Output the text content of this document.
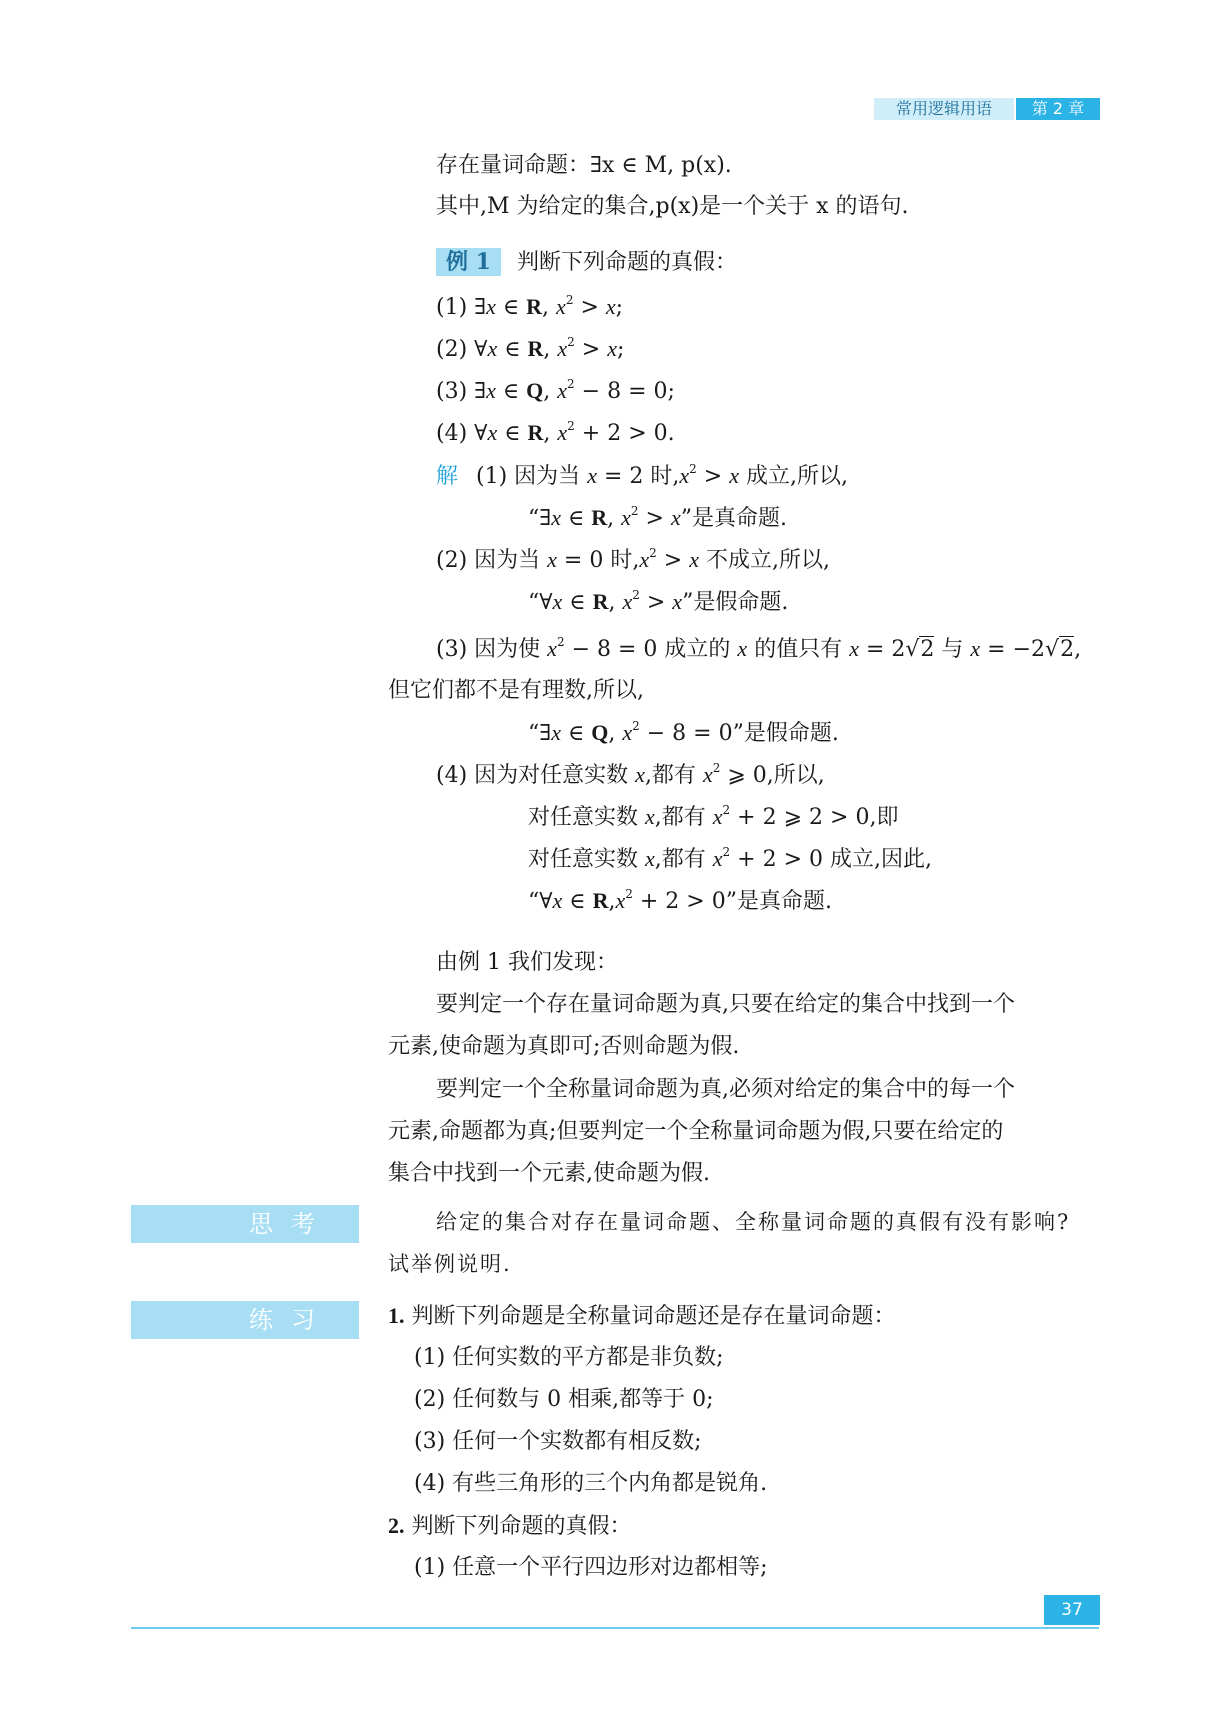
常用逻辑用语	第 2 章
存在量词命题：∃x ∈ M, p(x).
其中,M 为给定的集合,p(x)是一个关于 x 的语句.
例 1 判断下列命题的真假：
(1) ∃x ∈ R, $x^2 > x$;
(2) ∀x ∈ R, $x^2 > x$;
(3) ∃x ∈ Q, $x^2 - 8 = 0$;
(4) ∀x ∈ R, $x^2 + 2 > 0$.
解 (1) 因为当 x = 2 时$,x^2 > x$ 成立,所以,
“∃x ∈ R, $x^2 > x$”是真命题.
(2) 因为当 x = 0 时$,x^2 > x$ 不成立,所以,
“∀x ∈ R, $x^2 > x$”是假命题.
(3) 因为使 $x^2 - 8 = 0$ 成立的 x 的值只有 x = 2√2 与 x = −2√2,
但它们都不是有理数,所以,
“∃x ∈ Q, $x^2 - 8 = 0$”是假命题.
(4) 因为对任意实数 x,都有 $x^2$ ⩾ 0,所以,
对任意实数 x,都有 $x^2 + 2$ ⩾ 2 > 0,即
对任意实数 x,都有 $x^2 + 2 > 0$ 成立,因此,
“∀x ∈ $R,x^2 + 2 > 0$”是真命题.
由例 1 我们发现：
要判定一个存在量词命题为真,只要在给定的集合中找到一个
元素,使命题为真即可;否则命题为假.
要判定一个全称量词命题为真,必须对给定的集合中的每一个
元素,命题都为真;但要判定一个全称量词命题为假,只要在给定的
集合中找到一个元素,使命题为假.
思考	给定的集合对存在量词命题、全称量词命题的真假有没有影响?
试举例说明.
练习	1. 判断下列命题是全称量词命题还是存在量词命题：
(1) 任何实数的平方都是非负数;
(2) 任何数与 0 相乘,都等于 0;
(3) 任何一个实数都有相反数;
(4) 有些三角形的三个内角都是锐角.
2. 判断下列命题的真假：
(1) 任意一个平行四边形对边都相等;
37
